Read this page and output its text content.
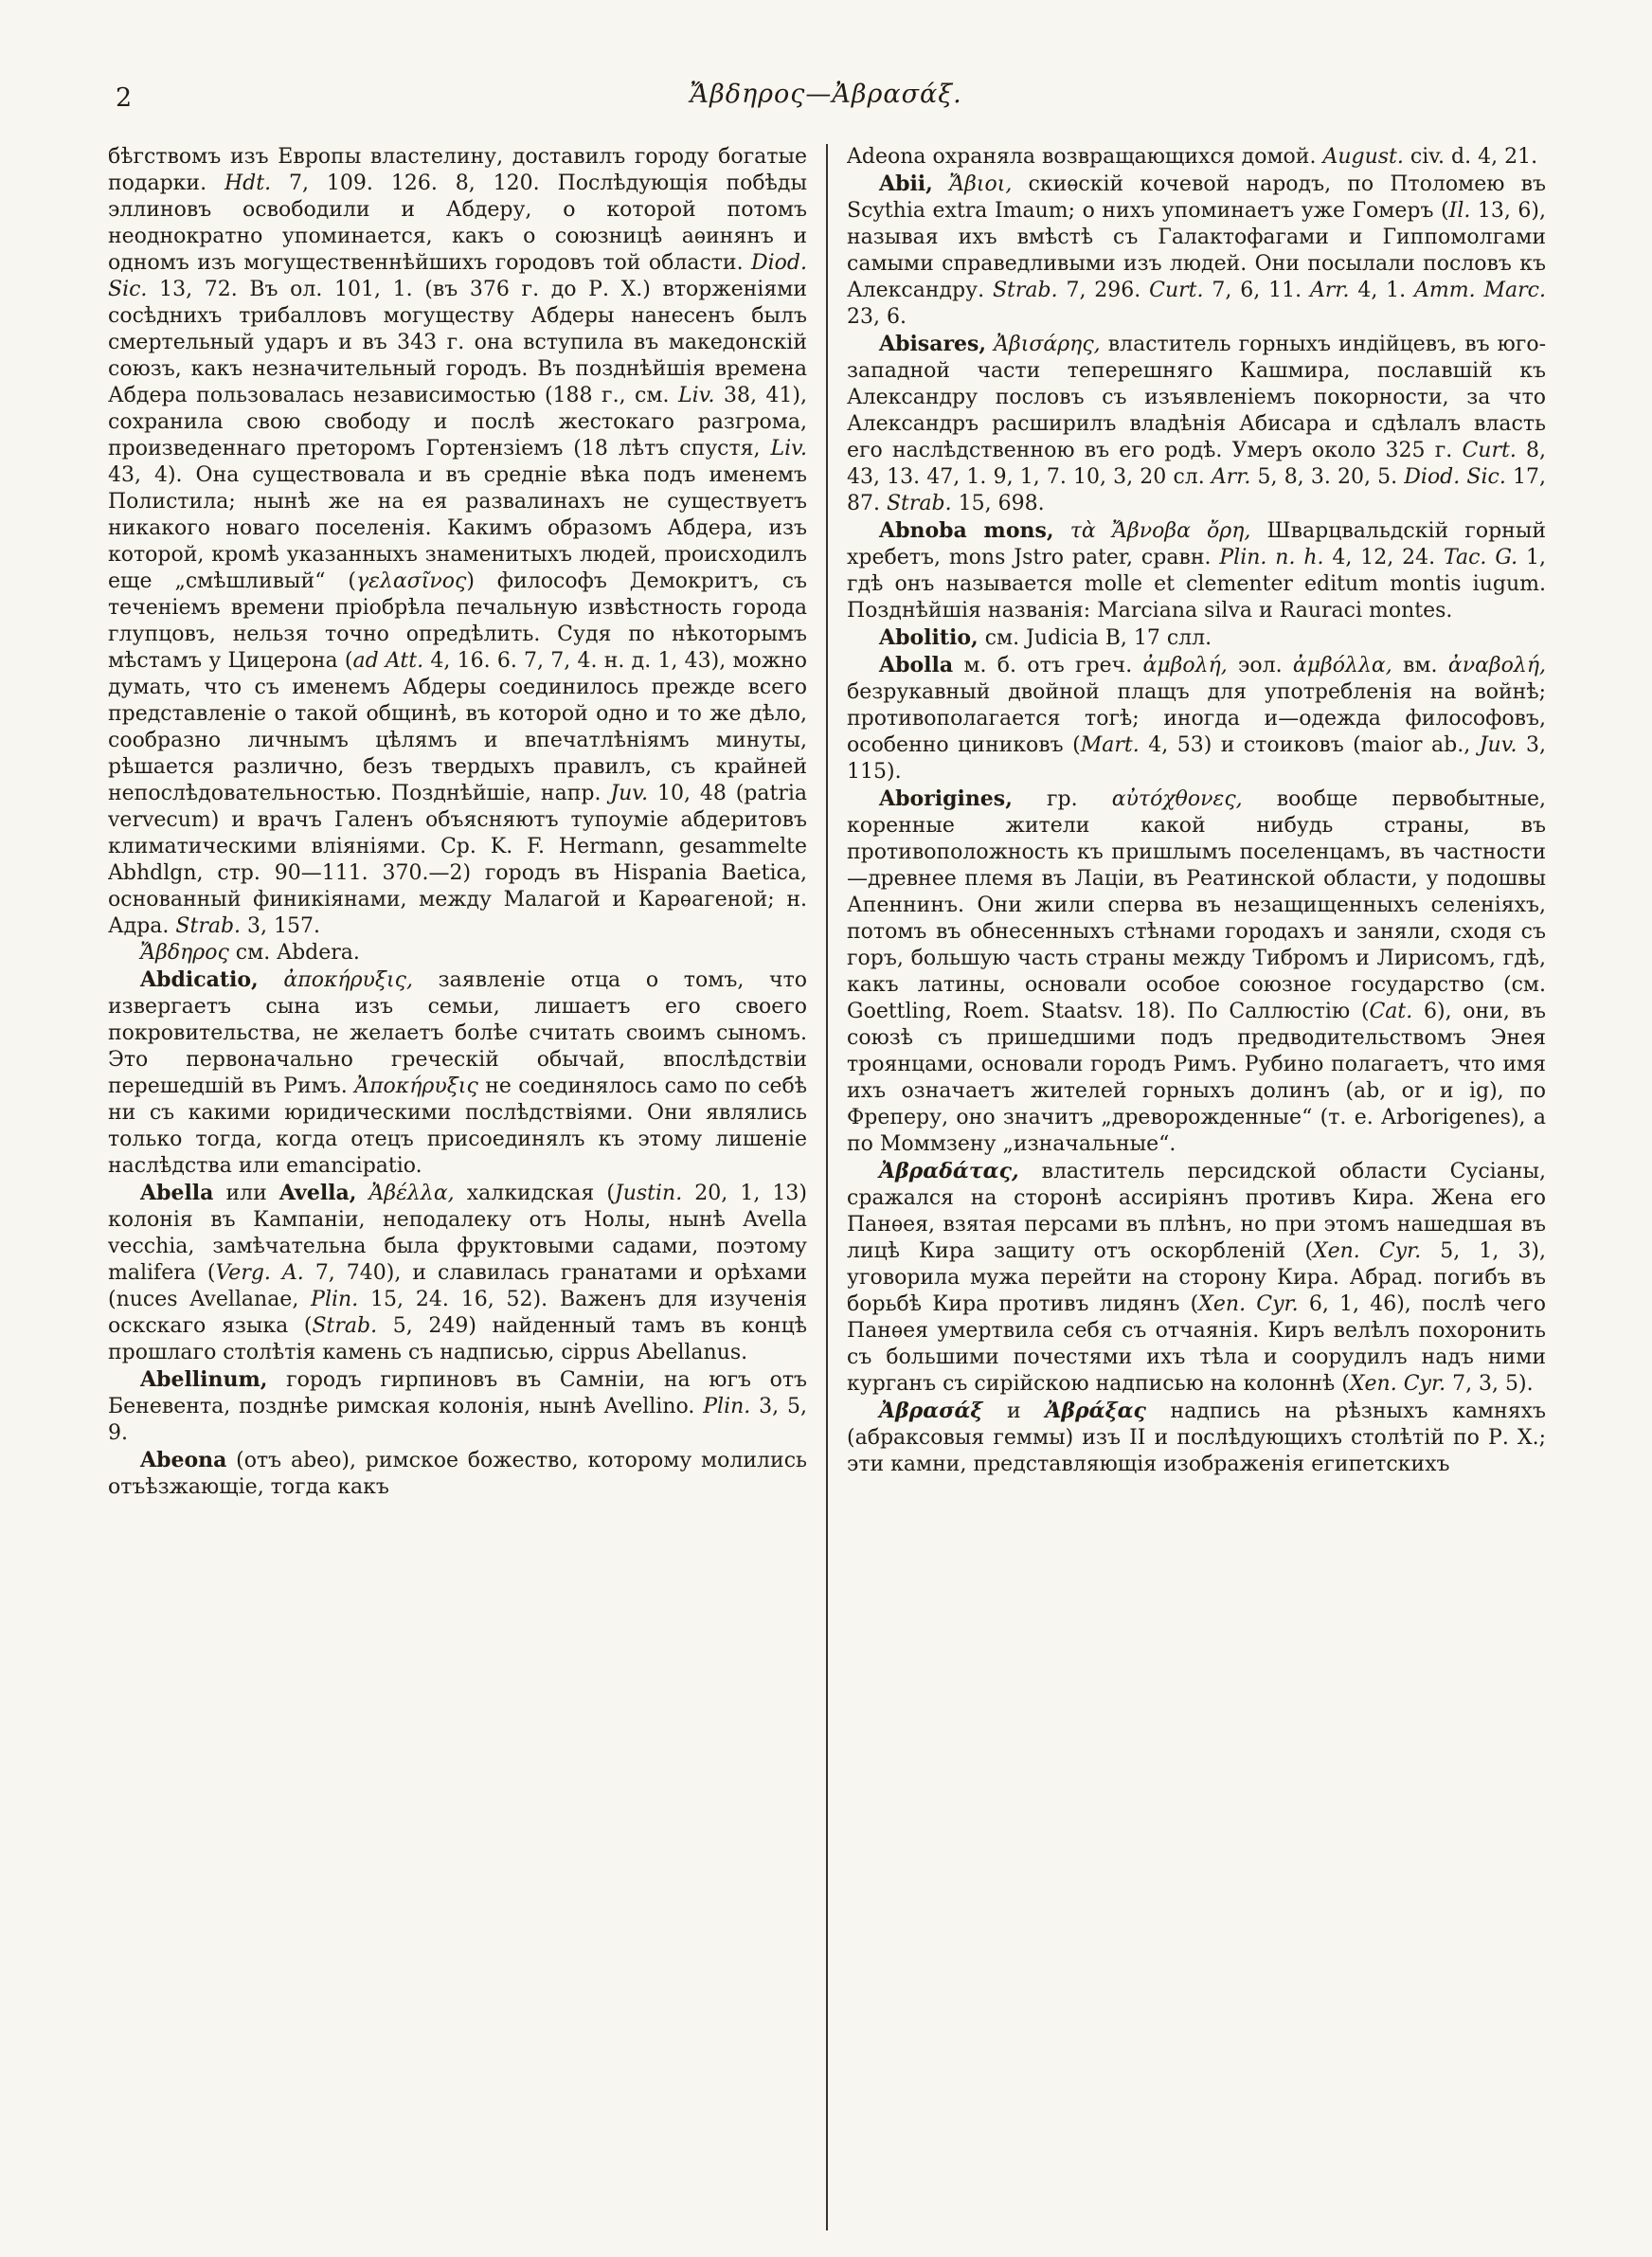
2	Ἄβδηρος—Ἀβρασάξ.

бѣгствомъ изъ Европы властелину, доставилъ городу богатые подарки. Hdt. 7, 109. 126. 8, 120. Послѣдующія побѣды эллиновъ освободили и Абдеру, о которой потомъ неоднократно упоминается, какъ о союзницѣ аѳинянъ и одномъ изъ могущественнѣйшихъ городовъ той области. Diod. Sic. 13, 72. Въ ол. 101, 1. (въ 376 г. до Р. Х.) вторженіями сосѣднихъ трибалловъ могуществу Абдеры нанесенъ былъ смертельный ударъ и въ 343 г. она вступила въ македонскій союзъ, какъ незначительный городъ. Въ позднѣйшія времена Абдера пользовалась независимостью (188 г., см. Liv. 38, 41), сохранила свою свободу и послѣ жестокаго разгрома, произведеннаго преторомъ Гортензіемъ (18 лѣтъ спустя, Liv. 43, 4). Она существовала и въ средніе вѣка подъ именемъ Полистила; нынѣ же на ея развалинахъ не существуетъ никакого новаго поселенія. Какимъ образомъ Абдера, изъ которой, кромѣ указанныхъ знаменитыхъ людей, происходилъ еще „смѣшливый“ (γελασῖνος) философъ Демокритъ, съ теченіемъ времени пріобрѣла печальную извѣстность города глупцовъ, нельзя точно опредѣлить. Судя по нѣкоторымъ мѣстамъ у Цицерона (ad Att. 4, 16. 6. 7, 7, 4. н. д. 1, 43), можно думать, что съ именемъ Абдеры соединилось прежде всего представленіе о такой общинѣ, въ которой одно и то же дѣло, сообразно личнымъ цѣлямъ и впечатлѣніямъ минуты, рѣшается различно, безъ твердыхъ правилъ, съ крайней непослѣдовательностью. Позднѣйшіе, напр. Juv. 10, 48 (patria vervecum) и врачъ Галенъ объясняютъ тупоуміе абдеритовъ климатическими вліяніями. Ср. K. F. Hermann, gesammelte Abhdlgn, стр. 90—111. 370.—2) городъ въ Hispania Baetica, основанный финикіянами, между Малагой и Карѳагеной; н. Адра. Strab. 3, 157.

Ἄβδηρος см. Abdera.

Abdicatio, ἀποκήρυξις, заявленіе отца о томъ, что извергаетъ сына изъ семьи, лишаетъ его своего покровительства, не желаетъ болѣе считать своимъ сыномъ. Это первоначально греческій обычай, впослѣдствіи перешедшій въ Римъ. Ἀποκήρυξις не соединялось само по себѣ ни съ какими юридическими послѣдствіями. Они являлись только тогда, когда отецъ присоединялъ къ этому лишеніе наслѣдства или emancipatio.

Abella или Avella, Ἀβέλλα, халкидская (Justin. 20, 1, 13) колонія въ Кампаніи, неподалеку отъ Нолы, нынѣ Avella vecchia, замѣчательна была фруктовыми садами, поэтому malifera (Verg. A. 7, 740), и славилась гранатами и орѣхами (nuces Avellanae, Plin. 15, 24. 16, 52). Важенъ для изученія оскскаго языка (Strab. 5, 249) найденный тамъ въ концѣ прошлаго столѣтія камень съ надписью, cippus Abellanus.

Abellinum, городъ гирпиновъ въ Самніи, на югъ отъ Беневента, позднѣе римская колонія, нынѣ Avellino. Plin. 3, 5, 9.

Abeona (отъ abeo), римское божество, которому молились отъѣзжающіе, тогда какъ

Adeona охраняла возвращающихся домой. August. civ. d. 4, 21.

Abii, Ἄβιοι, скиѳскій кочевой народъ, по Птоломею въ Scythia extra Imaum; о нихъ упоминаетъ уже Гомеръ (Il. 13, 6), называя ихъ вмѣстѣ съ Галактофагами и Гиппомолгами самыми справедливыми изъ людей. Они посылали пословъ къ Александру. Strab. 7, 296. Curt. 7, 6, 11. Arr. 4, 1. Amm. Marc. 23, 6.

Abisares, Ἀβισάρης, властитель горныхъ индійцевъ, въ юго-западной части теперешняго Кашмира, пославшій къ Александру пословъ съ изъявленіемъ покорности, за что Александръ расширилъ владѣнія Абисара и сдѣлалъ власть его наслѣдственною въ его родѣ. Умеръ около 325 г. Curt. 8, 43, 13. 47, 1. 9, 1, 7. 10, 3, 20 сл. Arr. 5, 8, 3. 20, 5. Diod. Sic. 17, 87. Strab. 15, 698.

Abnoba mons, τὰ Ἄβνοβα ὄρη, Шварцвальдскій горный хребетъ, mons Jstro pater, сравн. Plin. n. h. 4, 12, 24. Tac. G. 1, гдѣ онъ называется molle et clementer editum montis iugum. Позднѣйшія названія: Marciana silva и Rauraci montes.

Abolitio, см. Judicia B, 17 слл.

Abolla м. б. отъ греч. ἀμβολή, эол. ἀμβόλλα, вм. ἀναβολή, безрукавный двойной плащъ для употребленія на войнѣ; противополагается тогѣ; иногда и—одежда философовъ, особенно циниковъ (Mart. 4, 53) и стоиковъ (maior ab., Juv. 3, 115).

Aborigines, гр. αὐτόχθονες, вообще первобытные, коренные жители какой нибудь страны, въ противоположность къ пришлымъ поселенцамъ, въ частности—древнее племя въ Лаціи, въ Реатинской области, у подошвы Апеннинъ. Они жили сперва въ незащищенныхъ селеніяхъ, потомъ въ обнесенныхъ стѣнами городахъ и заняли, сходя съ горъ, большую часть страны между Тибромъ и Лирисомъ, гдѣ, какъ латины, основали особое союзное государство (см. Goettling, Roem. Staatsv. 18). По Саллюстію (Cat. 6), они, въ союзѣ съ пришедшими подъ предводительствомъ Энея троянцами, основали городъ Римъ. Рубино полагаетъ, что имя ихъ означаетъ жителей горныхъ долинъ (ab, or и ig), по Фреперу, оно значитъ „древорожденные“ (т. е. Arborigenes), а по Моммзену „изначальные“.

Ἀβραδάτας, властитель персидской области Сусіаны, сражался на сторонѣ ассиріянъ противъ Кира. Жена его Панѳея, взятая персами въ плѣнъ, но при этомъ нашедшая въ лицѣ Кира защиту отъ оскорбленій (Xen. Cyr. 5, 1, 3), уговорила мужа перейти на сторону Кира. Абрад. погибъ въ борьбѣ Кира противъ лидянъ (Xen. Cyr. 6, 1, 46), послѣ чего Панѳея умертвила себя съ отчаянія. Киръ велѣлъ похоронить съ большими почестями ихъ тѣла и соорудилъ надъ ними курганъ съ сирійскою надписью на колоннѣ (Xen. Cyr. 7, 3, 5).

Ἀβρασάξ и Ἀβράξας надпись на рѣзныхъ камняхъ (абраксовыя геммы) изъ II и послѣдующихъ столѣтій по Р. Х.; эти камни, представляющія изображенія египетскихъ
